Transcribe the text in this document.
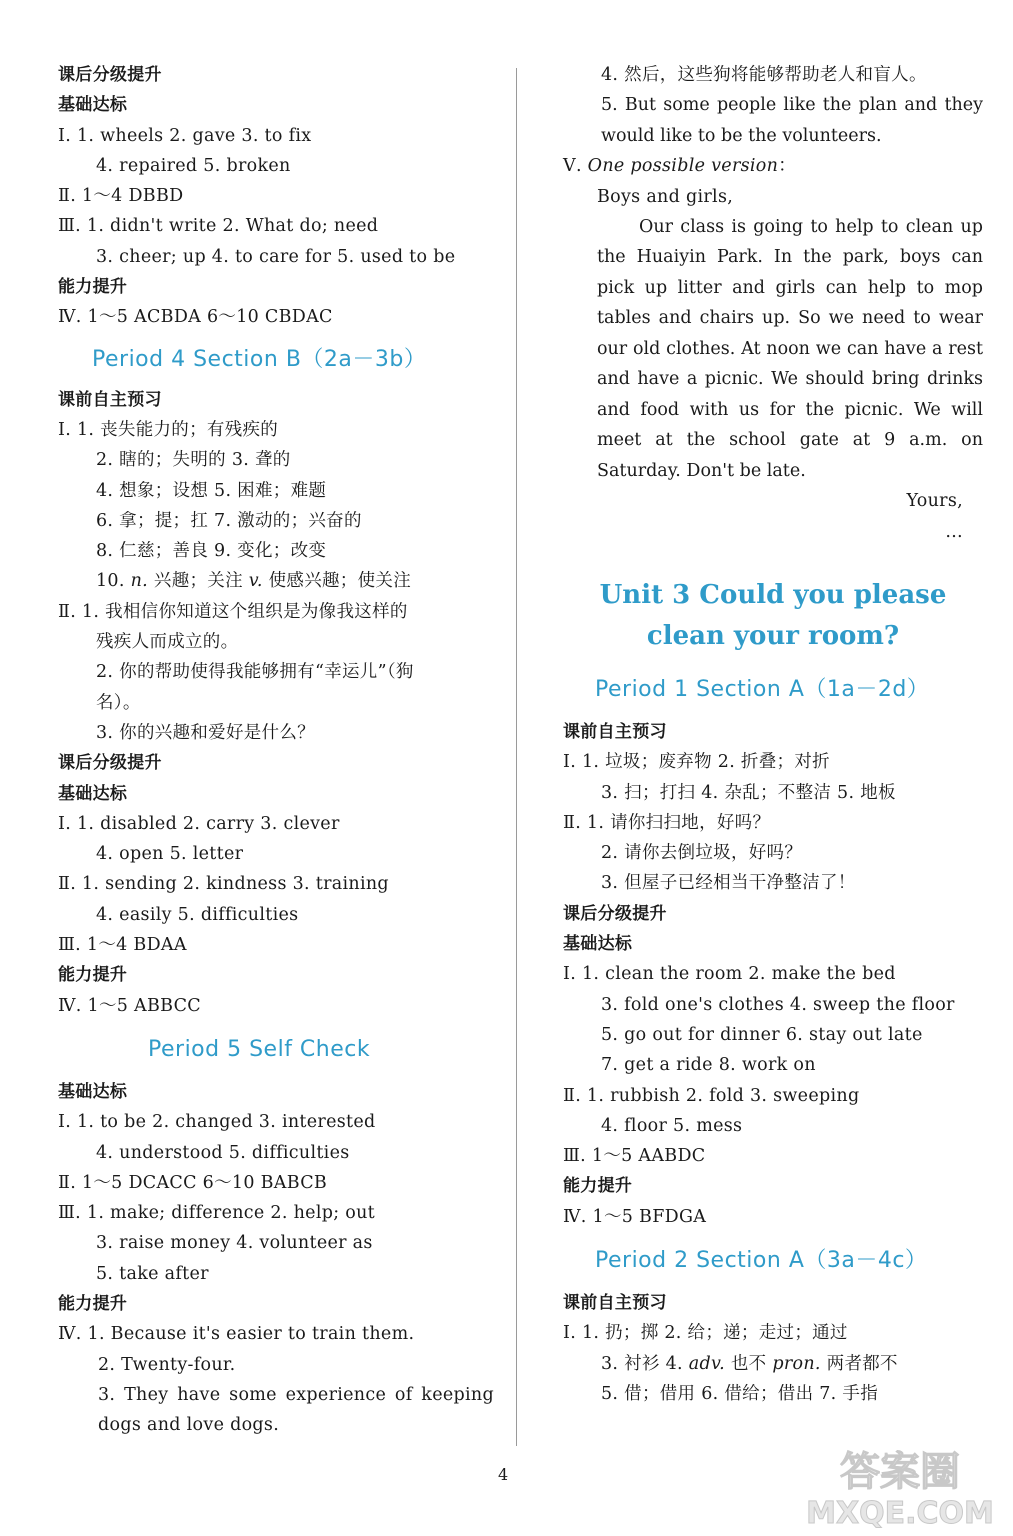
课后分级提升
基础达标
Ⅰ. 1. wheels 2. gave 3. to fix
4. repaired 5. broken
Ⅱ. 1～4 DBBD
Ⅲ. 1. didn't write 2. What do; need
3. cheer; up 4. to care for 5. used to be
能力提升
Ⅳ. 1～5 ACBDA 6～10 CBDAC
Period 4 Section B（2a－3b）
课前自主预习
Ⅰ. 1. 丧失能力的；有残疾的
2. 瞎的；失明的 3. 聋的
4. 想象；设想 5. 困难；难题
6. 拿；提；扛 7. 激动的；兴奋的
8. 仁慈；善良 9. 变化；改变
10. n. 兴趣；关注 v. 使感兴趣；使关注
Ⅱ. 1. 我相信你知道这个组织是为像我这样的
残疾人而成立的。
2. 你的帮助使得我能够拥有“幸运儿”（狗
名）。
3. 你的兴趣和爱好是什么？
课后分级提升
基础达标
Ⅰ. 1. disabled 2. carry 3. clever
4. open 5. letter
Ⅱ. 1. sending 2. kindness 3. training
4. easily 5. difficulties
Ⅲ. 1～4 BDAA
能力提升
Ⅳ. 1～5 ABBCC
Period 5 Self Check
基础达标
Ⅰ. 1. to be 2. changed 3. interested
4. understood 5. difficulties
Ⅱ. 1～5 DCACC 6～10 BABCB
Ⅲ. 1. make; difference 2. help; out
3. raise money 4. volunteer as
5. take after
能力提升
Ⅳ. 1. Because it's easier to train them.
2. Twenty-four.
3. They have some experience of keeping dogs and love dogs.
4. 然后，这些狗将能够帮助老人和盲人。
5. But some people like the plan and they would like to be the volunteers.
Ⅴ. One possible version：
Boys and girls,
Our class is going to help to clean up the Huaiyin Park. In the park, boys can pick up litter and girls can help to mop tables and chairs up. So we need to wear our old clothes. At noon we can have a rest and have a picnic. We should bring drinks and food with us for the picnic. We will meet at the school gate at 9 a.m. on Saturday. Don't be late.
Yours,
…
Unit 3 Could you please
clean your room?
Period 1 Section A（1a－2d）
课前自主预习
Ⅰ. 1. 垃圾；废弃物 2. 折叠；对折
3. 扫；打扫 4. 杂乱；不整洁 5. 地板
Ⅱ. 1. 请你扫扫地，好吗？
2. 请你去倒垃圾，好吗？
3. 但屋子已经相当干净整洁了！
课后分级提升
基础达标
Ⅰ. 1. clean the room 2. make the bed
3. fold one's clothes 4. sweep the floor
5. go out for dinner 6. stay out late
7. get a ride 8. work on
Ⅱ. 1. rubbish 2. fold 3. sweeping
4. floor 5. mess
Ⅲ. 1～5 AABDC
能力提升
Ⅳ. 1～5 BFDGA
Period 2 Section A（3a－4c）
课前自主预习
Ⅰ. 1. 扔；掷 2. 给；递；走过；通过
3. 衬衫 4. adv. 也不 pron. 两者都不
5. 借；借用 6. 借给；借出 7. 手指
4	答案圈
MXQE.COM
